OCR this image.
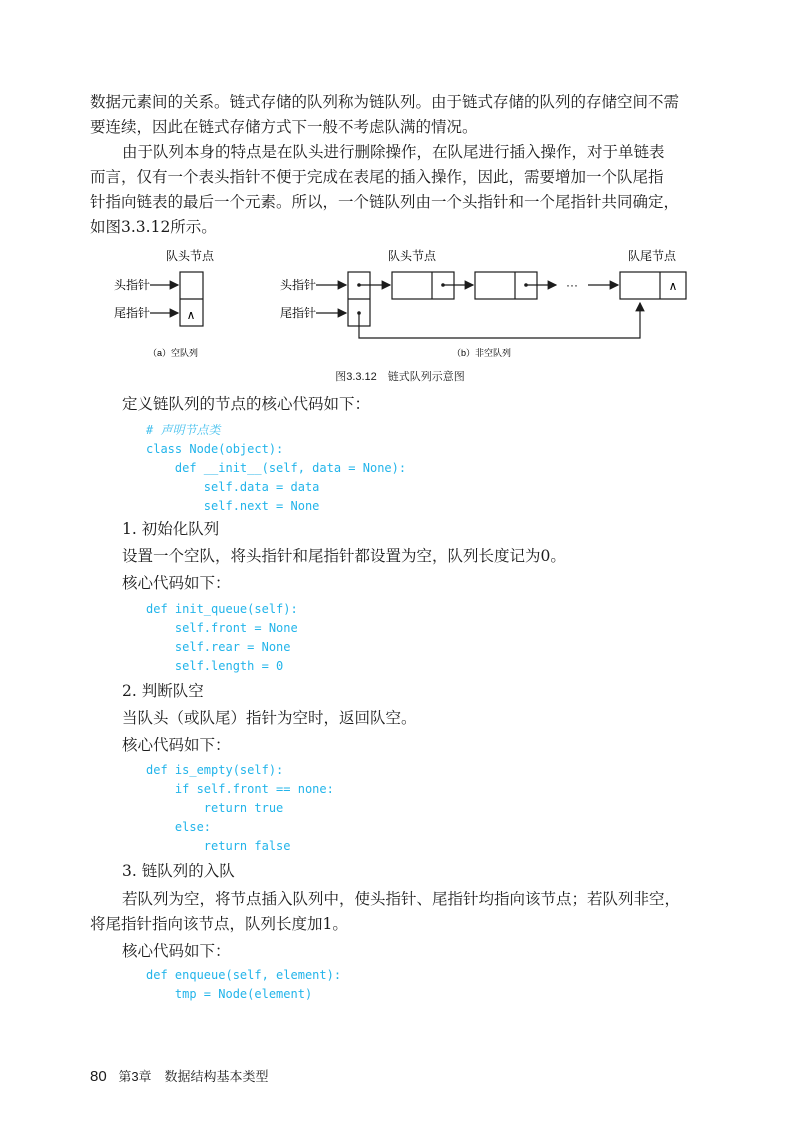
数据元素间的关系。链式存储的队列称为链队列。由于链式存储的队列的存储空间不需

要连续，因此在链式存储方式下一般不考虑队满的情况。

由于队列本身的特点是在队头进行删除操作，在队尾进行插入操作，对于单链表

而言，仅有一个表头指针不便于完成在表尾的插入操作，因此，需要增加一个队尾指

针指向链表的最后一个元素。所以，一个链队列由一个头指针和一个尾指针共同确定，

如图3.3.12所示。

队头节点
∧
头指针
尾指针
队头节点	队尾节点
头指针
尾指针
···	∧
（a）空队列	（b）非空队列
图3.3.12　链式队列示意图
定义链队列的节点的核心代码如下：
# 声明节点类
class Node(object):
def __init__(self, data = None):
self.data = data
self.next = None
1. 初始化队列
设置一个空队，将头指针和尾指针都设置为空，队列长度记为0。
核心代码如下：
def init_queue(self):
self.front = None
self.rear = None
self.length = 0
2. 判断队空
当队头（或队尾）指针为空时，返回队空。
核心代码如下：
def is_empty(self):
if self.front == none:
return true
else:
return false
3. 链队列的入队

若队列为空，将节点插入队列中，使头指针、尾指针均指向该节点；若队列非空，

将尾指针指向该节点，队列长度加1。

核心代码如下：
def enqueue(self, element):
tmp = Node(element)
80 第3章　数据结构基本类型
